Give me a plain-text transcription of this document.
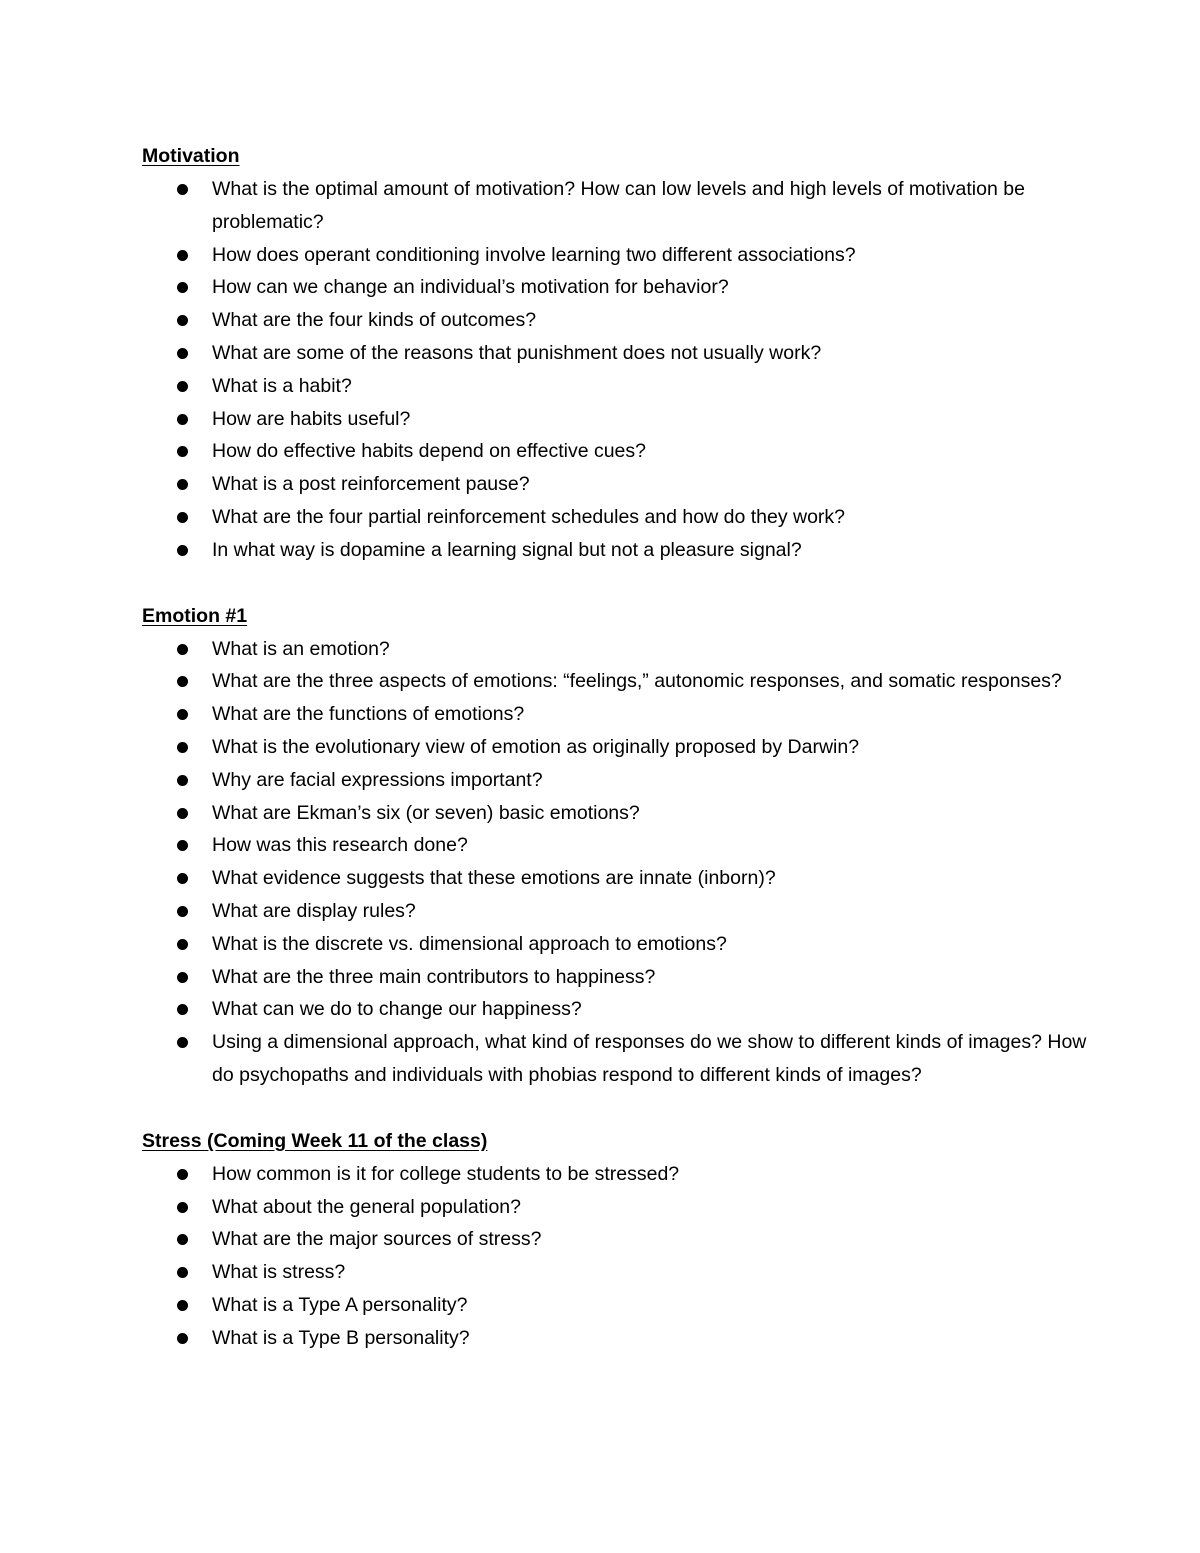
Motivation

What is the optimal amount of motivation? How can low levels and high levels of motivation be problematic?
How does operant conditioning involve learning two different associations?
How can we change an individual’s motivation for behavior?
What are the four kinds of outcomes?
What are some of the reasons that punishment does not usually work?
What is a habit?
How are habits useful?
How do effective habits depend on effective cues?
What is a post reinforcement pause?
What are the four partial reinforcement schedules and how do they work?
In what way is dopamine a learning signal but not a pleasure signal?

Emotion #1

What is an emotion?
What are the three aspects of emotions: “feelings,” autonomic responses, and somatic responses?
What are the functions of emotions?
What is the evolutionary view of emotion as originally proposed by Darwin?
Why are facial expressions important?
What are Ekman’s six (or seven) basic emotions?
How was this research done?
What evidence suggests that these emotions are innate (inborn)?
What are display rules?
What is the discrete vs. dimensional approach to emotions?
What are the three main contributors to happiness?
What can we do to change our happiness?
Using a dimensional approach, what kind of responses do we show to different kinds of images? How do psychopaths and individuals with phobias respond to different kinds of images?

Stress (Coming Week 11 of the class)

How common is it for college students to be stressed?
What about the general population?
What are the major sources of stress?
What is stress?
What is a Type A personality?
What is a Type B personality?
